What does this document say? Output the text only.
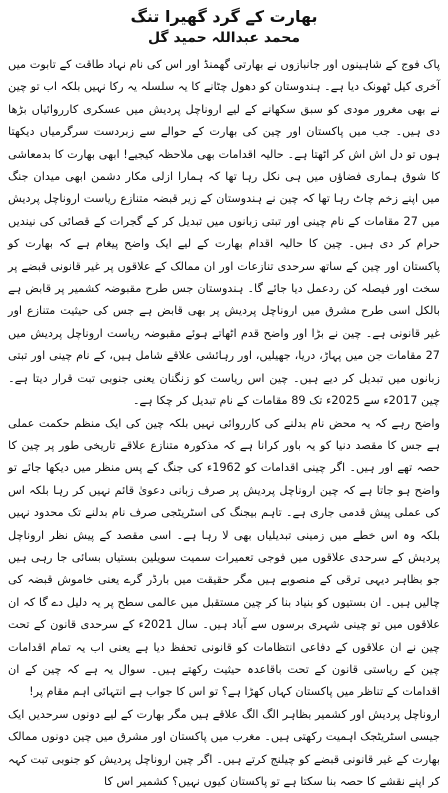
بھارت کے گرد گھیرا تنگ
محمد عبداللہ حمید گل

پاک فوج کے شاہینوں اور جانبازوں نے بھارتی گھمنڈ اور اس کی نام نہاد طاقت کے تابوت میں آخری کیل ٹھونک دیا ہے۔ ہندوستان کو دھول چٹانے کا یہ سلسلہ یہ رکا نہیں بلکہ اب تو چین نے بھی مغرور مودی کو سبق سکھانے کے لیے اروناچل پردیش میں عسکری کارروائیاں بڑھا دی ہیں۔ جب میں پاکستان اور چین کی بھارت کے حوالے سے زبردست سرگرمیاں دیکھتا ہوں تو دل اش اش کر اٹھتا ہے۔ حالیہ اقدامات بھی ملاحظہ کیجیے! ابھی بھارت کا بدمعاشی کا شوق ہماری فضاؤں میں ہی نکل رہا تھا کہ ہمارا ازلی مکار دشمن ابھی میدان جنگ میں اپنے زخم چاٹ رہا تھا کہ چین نے ہندوستان کے زیر قبضہ متنازع ریاست اروناچل پردیش میں 27 مقامات کے نام چینی اور تبتی زبانوں میں تبدیل کر کے گجرات کے قصائی کی نیندیں حرام کر دی ہیں۔ چین کا حالیہ اقدام بھارت کے لیے ایک واضح پیغام ہے کہ بھارت کو پاکستان اور چین کے ساتھ سرحدی تنازعات اور ان ممالک کے علاقوں پر غیر قانونی قبضے پر سخت اور فیصلہ کن ردعمل دیا جائے گا۔ ہندوستان جس طرح مقبوضہ کشمیر پر قابض ہے بالکل اسی طرح مشرق میں اروناچل پردیش پر بھی قابض ہے جس کی حیثیت متنازع اور غیر قانونی ہے۔ چین نے بڑا اور واضح قدم اٹھاتے ہوئے مقبوضہ ریاست اروناچل پردیش میں 27 مقامات جن میں پہاڑ، دریا، جھیلیں، اور رہائشی علاقے شامل ہیں، کے نام چینی اور تبتی زبانوں میں تبدیل کر دیے ہیں۔ چین اس ریاست کو زنگنان یعنی جنوبی تبت قرار دیتا ہے۔ چین 2017ء سے 2025ء تک 89 مقامات کے نام تبدیل کر چکا ہے۔

واضح رہے کہ یہ محض نام بدلنے کی کارروائی نہیں بلکہ چین کی ایک منظم حکمت عملی ہے جس کا مقصد دنیا کو یہ باور کرانا ہے کہ مذکورہ متنازع علاقے تاریخی طور پر چین کا حصہ تھے اور ہیں۔ اگر چینی اقدامات کو 1962ء کی جنگ کے پس منظر میں دیکھا جائے تو واضح ہو جاتا ہے کہ چین اروناچل پردیش پر صرف زبانی دعویٰ قائم نہیں کر رہا بلکہ اس کی عملی پیش قدمی جاری ہے۔ تاہم بیجنگ کی اسٹریٹجی صرف نام بدلنے تک محدود نہیں بلکہ وہ اس خطے میں زمینی تبدیلیاں بھی لا رہا ہے۔ اسی مقصد کے پیش نظر اروناچل پردیش کے سرحدی علاقوں میں فوجی تعمیرات سمیت سویلین بستیاں بسائی جا رہی ہیں جو بظاہر دیہی ترقی کے منصوبے ہیں مگر حقیقت میں بارڈر گرے یعنی خاموش قبضہ کی چالیں ہیں۔ ان بستیوں کو بنیاد بنا کر چین مستقبل میں عالمی سطح پر یہ دلیل دے گا کہ ان علاقوں میں تو چینی شہری برسوں سے آباد ہیں۔ سال 2021ء کے سرحدی قانون کے تحت چین نے ان علاقوں کے دفاعی انتظامات کو قانونی تحفظ دیا ہے یعنی اب یہ تمام اقدامات چین کے ریاستی قانون کے تحت باقاعدہ حیثیت رکھتے ہیں۔ سوال یہ ہے کہ چین کے ان اقدامات کے تناظر میں پاکستان کہاں کھڑا ہے؟ تو اس کا جواب ہے انتہائی اہم مقام پر!

اروناچل پردیش اور کشمیر بظاہر الگ الگ علاقے ہیں مگر بھارت کے لیے دونوں سرحدیں ایک جیسی اسٹریٹجک اہمیت رکھتی ہیں۔ مغرب میں پاکستان اور مشرق میں چین دونوں ممالک بھارت کے غیر قانونی قبضے کو چیلنج کرتے ہیں۔ اگر چین اروناچل پردیش کو جنوبی تبت کہہ کر اپنے نقشے کا حصہ بنا سکتا ہے تو پاکستان کیوں نہیں؟ کشمیر اس کا
